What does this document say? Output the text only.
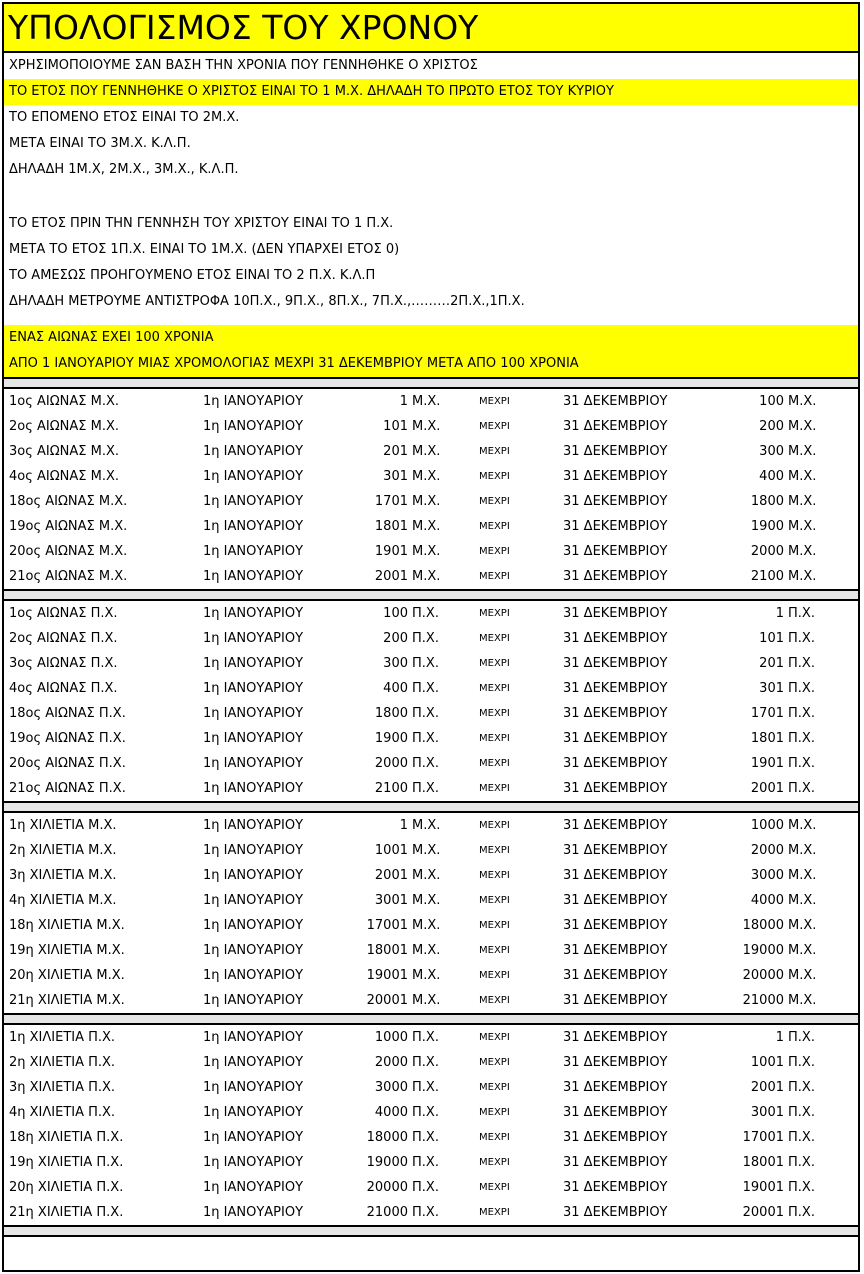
ΥΠΟΛΟΓΙΣΜΟΣ ΤΟΥ ΧΡΟΝΟΥ
ΧΡΗΣΙΜΟΠΟΙΟΥΜΕ ΣΑΝ ΒΑΣΗ ΤΗΝ ΧΡΟΝΙΑ ΠΟΥ ΓΕΝΝΗΘΗΚΕ Ο ΧΡΙΣΤΟΣ
ΤΟ ΕΤΟΣ ΠΟΥ ΓΕΝΝΗΘΗΚΕ Ο ΧΡΙΣΤΟΣ ΕΙΝΑΙ ΤΟ 1 Μ.Χ. ΔΗΛΑΔΗ ΤΟ ΠΡΩΤΟ ΕΤΟΣ ΤΟΥ ΚΥΡΙΟΥ
ΤΟ ΕΠΟΜΕΝΟ ΕΤΟΣ ΕΙΝΑΙ ΤΟ 2Μ.Χ.
ΜΕΤΑ ΕΙΝΑΙ ΤΟ 3Μ.Χ. Κ.Λ.Π.
ΔΗΛΑΔΗ 1Μ.Χ, 2Μ.Χ., 3Μ.Χ., Κ.Λ.Π.
ΤΟ ΕΤΟΣ ΠΡΙΝ ΤΗΝ ΓΕΝΝΗΣΗ ΤΟΥ ΧΡΙΣΤΟΥ ΕΙΝΑΙ ΤΟ 1 Π.Χ.
ΜΕΤΑ ΤΟ ΕΤΟΣ 1Π.Χ. ΕΙΝΑΙ ΤΟ 1Μ.Χ. (ΔΕΝ ΥΠΑΡΧΕΙ ΕΤΟΣ 0)
ΤΟ ΑΜΕΣΩΣ ΠΡΟΗΓΟΥΜΕΝΟ ΕΤΟΣ ΕΙΝΑΙ ΤΟ 2 Π.Χ. Κ.Λ.Π
ΔΗΛΑΔΗ ΜΕΤΡΟΥΜΕ ΑΝΤΙΣΤΡΟΦΑ 10Π.Χ., 9Π.Χ., 8Π.Χ., 7Π.Χ.,………2Π.Χ.,1Π.Χ.
ΕΝΑΣ ΑΙΩΝΑΣ ΕΧΕΙ 100 ΧΡΟΝΙΑ
ΑΠΟ 1 ΙΑΝΟΥΑΡΙΟΥ ΜΙΑΣ ΧΡΟΜΟΛΟΓΙΑΣ ΜΕΧΡΙ 31 ΔΕΚΕΜΒΡΙΟΥ ΜΕΤΑ ΑΠΟ 100 ΧΡΟΝΙΑ
1ος ΑΙΩΝΑΣ Μ.Χ.	1η ΙΑΝΟΥΑΡΙΟΥ	1 Μ.Χ.	ΜΕΧΡΙ	31 ΔΕΚΕΜΒΡΙΟΥ	100 Μ.Χ.
2ος ΑΙΩΝΑΣ Μ.Χ.	1η ΙΑΝΟΥΑΡΙΟΥ	101 Μ.Χ.	ΜΕΧΡΙ	31 ΔΕΚΕΜΒΡΙΟΥ	200 Μ.Χ.
3ος ΑΙΩΝΑΣ Μ.Χ.	1η ΙΑΝΟΥΑΡΙΟΥ	201 Μ.Χ.	ΜΕΧΡΙ	31 ΔΕΚΕΜΒΡΙΟΥ	300 Μ.Χ.
4ος ΑΙΩΝΑΣ Μ.Χ.	1η ΙΑΝΟΥΑΡΙΟΥ	301 Μ.Χ.	ΜΕΧΡΙ	31 ΔΕΚΕΜΒΡΙΟΥ	400 Μ.Χ.
18ος ΑΙΩΝΑΣ Μ.Χ.	1η ΙΑΝΟΥΑΡΙΟΥ	1701 Μ.Χ.	ΜΕΧΡΙ	31 ΔΕΚΕΜΒΡΙΟΥ	1800 Μ.Χ.
19ος ΑΙΩΝΑΣ Μ.Χ.	1η ΙΑΝΟΥΑΡΙΟΥ	1801 Μ.Χ.	ΜΕΧΡΙ	31 ΔΕΚΕΜΒΡΙΟΥ	1900 Μ.Χ.
20ος ΑΙΩΝΑΣ Μ.Χ.	1η ΙΑΝΟΥΑΡΙΟΥ	1901 Μ.Χ.	ΜΕΧΡΙ	31 ΔΕΚΕΜΒΡΙΟΥ	2000 Μ.Χ.
21ος ΑΙΩΝΑΣ Μ.Χ.	1η ΙΑΝΟΥΑΡΙΟΥ	2001 Μ.Χ.	ΜΕΧΡΙ	31 ΔΕΚΕΜΒΡΙΟΥ	2100 Μ.Χ.
1ος ΑΙΩΝΑΣ Π.Χ.	1η ΙΑΝΟΥΑΡΙΟΥ	100 Π.Χ.	ΜΕΧΡΙ	31 ΔΕΚΕΜΒΡΙΟΥ	1 Π.Χ.
2ος ΑΙΩΝΑΣ Π.Χ.	1η ΙΑΝΟΥΑΡΙΟΥ	200 Π.Χ.	ΜΕΧΡΙ	31 ΔΕΚΕΜΒΡΙΟΥ	101 Π.Χ.
3ος ΑΙΩΝΑΣ Π.Χ.	1η ΙΑΝΟΥΑΡΙΟΥ	300 Π.Χ.	ΜΕΧΡΙ	31 ΔΕΚΕΜΒΡΙΟΥ	201 Π.Χ.
4ος ΑΙΩΝΑΣ Π.Χ.	1η ΙΑΝΟΥΑΡΙΟΥ	400 Π.Χ.	ΜΕΧΡΙ	31 ΔΕΚΕΜΒΡΙΟΥ	301 Π.Χ.
18ος ΑΙΩΝΑΣ Π.Χ.	1η ΙΑΝΟΥΑΡΙΟΥ	1800 Π.Χ.	ΜΕΧΡΙ	31 ΔΕΚΕΜΒΡΙΟΥ	1701 Π.Χ.
19ος ΑΙΩΝΑΣ Π.Χ.	1η ΙΑΝΟΥΑΡΙΟΥ	1900 Π.Χ.	ΜΕΧΡΙ	31 ΔΕΚΕΜΒΡΙΟΥ	1801 Π.Χ.
20ος ΑΙΩΝΑΣ Π.Χ.	1η ΙΑΝΟΥΑΡΙΟΥ	2000 Π.Χ.	ΜΕΧΡΙ	31 ΔΕΚΕΜΒΡΙΟΥ	1901 Π.Χ.
21ος ΑΙΩΝΑΣ Π.Χ.	1η ΙΑΝΟΥΑΡΙΟΥ	2100 Π.Χ.	ΜΕΧΡΙ	31 ΔΕΚΕΜΒΡΙΟΥ	2001 Π.Χ.
1η ΧΙΛΙΕΤΙΑ Μ.Χ.	1η ΙΑΝΟΥΑΡΙΟΥ	1 Μ.Χ.	ΜΕΧΡΙ	31 ΔΕΚΕΜΒΡΙΟΥ	1000 Μ.Χ.
2η ΧΙΛΙΕΤΙΑ Μ.Χ.	1η ΙΑΝΟΥΑΡΙΟΥ	1001 Μ.Χ.	ΜΕΧΡΙ	31 ΔΕΚΕΜΒΡΙΟΥ	2000 Μ.Χ.
3η ΧΙΛΙΕΤΙΑ Μ.Χ.	1η ΙΑΝΟΥΑΡΙΟΥ	2001 Μ.Χ.	ΜΕΧΡΙ	31 ΔΕΚΕΜΒΡΙΟΥ	3000 Μ.Χ.
4η ΧΙΛΙΕΤΙΑ Μ.Χ.	1η ΙΑΝΟΥΑΡΙΟΥ	3001 Μ.Χ.	ΜΕΧΡΙ	31 ΔΕΚΕΜΒΡΙΟΥ	4000 Μ.Χ.
18η ΧΙΛΙΕΤΙΑ Μ.Χ.	1η ΙΑΝΟΥΑΡΙΟΥ	17001 Μ.Χ.	ΜΕΧΡΙ	31 ΔΕΚΕΜΒΡΙΟΥ	18000 Μ.Χ.
19η ΧΙΛΙΕΤΙΑ Μ.Χ.	1η ΙΑΝΟΥΑΡΙΟΥ	18001 Μ.Χ.	ΜΕΧΡΙ	31 ΔΕΚΕΜΒΡΙΟΥ	19000 Μ.Χ.
20η ΧΙΛΙΕΤΙΑ Μ.Χ.	1η ΙΑΝΟΥΑΡΙΟΥ	19001 Μ.Χ.	ΜΕΧΡΙ	31 ΔΕΚΕΜΒΡΙΟΥ	20000 Μ.Χ.
21η ΧΙΛΙΕΤΙΑ Μ.Χ.	1η ΙΑΝΟΥΑΡΙΟΥ	20001 Μ.Χ.	ΜΕΧΡΙ	31 ΔΕΚΕΜΒΡΙΟΥ	21000 Μ.Χ.
1η ΧΙΛΙΕΤΙΑ Π.Χ.	1η ΙΑΝΟΥΑΡΙΟΥ	1000 Π.Χ.	ΜΕΧΡΙ	31 ΔΕΚΕΜΒΡΙΟΥ	1 Π.Χ.
2η ΧΙΛΙΕΤΙΑ Π.Χ.	1η ΙΑΝΟΥΑΡΙΟΥ	2000 Π.Χ.	ΜΕΧΡΙ	31 ΔΕΚΕΜΒΡΙΟΥ	1001 Π.Χ.
3η ΧΙΛΙΕΤΙΑ Π.Χ.	1η ΙΑΝΟΥΑΡΙΟΥ	3000 Π.Χ.	ΜΕΧΡΙ	31 ΔΕΚΕΜΒΡΙΟΥ	2001 Π.Χ.
4η ΧΙΛΙΕΤΙΑ Π.Χ.	1η ΙΑΝΟΥΑΡΙΟΥ	4000 Π.Χ.	ΜΕΧΡΙ	31 ΔΕΚΕΜΒΡΙΟΥ	3001 Π.Χ.
18η ΧΙΛΙΕΤΙΑ Π.Χ.	1η ΙΑΝΟΥΑΡΙΟΥ	18000 Π.Χ.	ΜΕΧΡΙ	31 ΔΕΚΕΜΒΡΙΟΥ	17001 Π.Χ.
19η ΧΙΛΙΕΤΙΑ Π.Χ.	1η ΙΑΝΟΥΑΡΙΟΥ	19000 Π.Χ.	ΜΕΧΡΙ	31 ΔΕΚΕΜΒΡΙΟΥ	18001 Π.Χ.
20η ΧΙΛΙΕΤΙΑ Π.Χ.	1η ΙΑΝΟΥΑΡΙΟΥ	20000 Π.Χ.	ΜΕΧΡΙ	31 ΔΕΚΕΜΒΡΙΟΥ	19001 Π.Χ.
21η ΧΙΛΙΕΤΙΑ Π.Χ.	1η ΙΑΝΟΥΑΡΙΟΥ	21000 Π.Χ.	ΜΕΧΡΙ	31 ΔΕΚΕΜΒΡΙΟΥ	20001 Π.Χ.
